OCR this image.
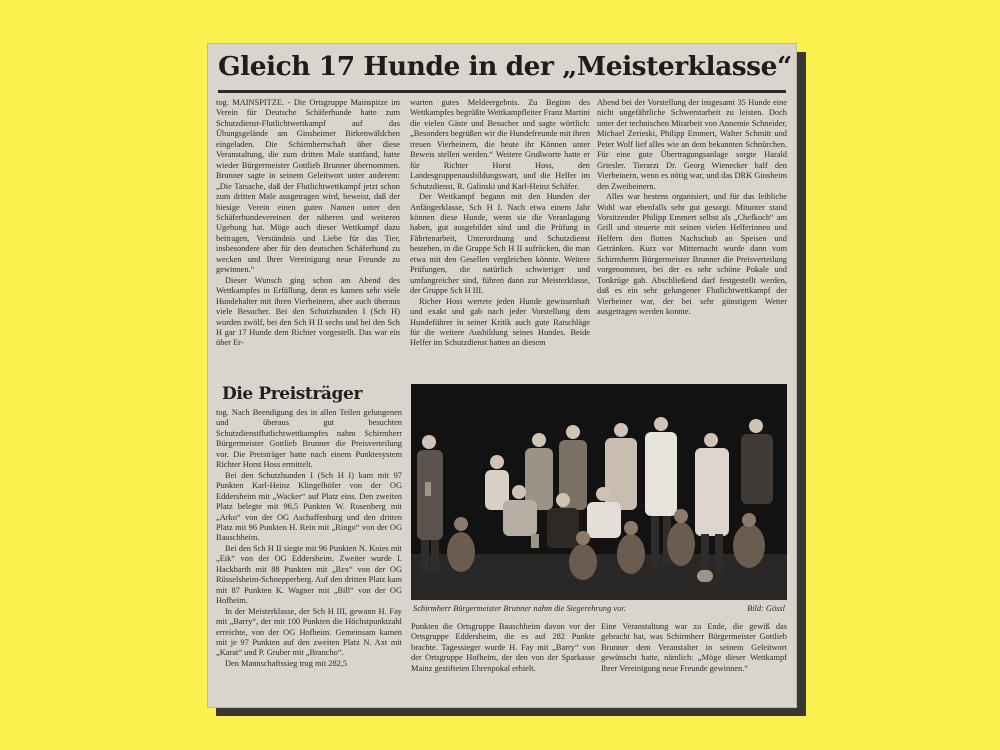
Gleich 17 Hunde in der „Meisterklasse“

tog. MAINSPITZE. - Die Ortsgruppe Mainspitze im Verein für Deutsche Schäferhunde hatte zum Schutzdienst-Flutlichtwettkampf auf das Übungsgelände am Ginsheimer Birkenwäldchen eingeladen. Die Schirmherrschaft über diese Veranstaltung, die zum dritten Male stattfand, hatte wieder Bürgermeister Gottlieb Brunner übernommen. Brunner sagte in seinem Geleitwort unter anderem: „Die Tatsache, daß der Flutlichtwettkampf jetzt schon zum dritten Male ausgetragen wird, beweist, daß der hiesige Verein einen guten Namen unter den Schäferhundevereinen der näheren und weiteren Ugebung hat. Möge auch dieser Wettkampf dazu beitragen, Verständnis und Liebe für das Tier, insbesondere aber für den deutschen Schäferhund zu wecken und Ihrer Vereinigung neue Freunde zu gewinnen.“

Dieser Wunsch ging schon am Abend des Wettkampfes in Erfüllung, denn es kamen sehr viele Hundehalter mit ihren Vierbeinern, aber auch überaus viele Besucher. Bei den Schutzhunden I (Sch H) wurden zwölf, bei den Sch H II sechs und bei den Sch H gar 17 Hunde dem Richter vorgestellt. Das war ein über Er-

warten gutes Meldeergebnis. Zu Beginn des Wettkampfes begrüßte Wettkampfleiter Franz Martini die vielen Gäste und Besucher und sagte wörtlich: „Besonders begrüßen wir die Hundefreunde mit ihren treuen Vierbeinern, die heute ihr Können unter Beweis stellen werden.“ Weitere Grußworte hatte er für Richter Horst Hoss, den Landesgruppenausbildungswart, und die Helfer im Schutzdienst, R. Galinski und Karl-Heinz Schäfer.

Der Wettkampf begann mit den Hunden der Anfängerklasse, Sch H I. Nach etwa einem Jahr können diese Hunde, wenn sie die Veranlagung haben, gut ausgebildet sind und die Prüfung in Fährtenarbeit, Unterordnung und Schutzdienst bestehen, in die Gruppe Sch H II aufrücken, die man etwa mit den Gesellen vergleichen könnte. Weitere Prüfungen, die natürlich schwieriger und umfangreicher sind, führen dann zur Meisterklasse, der Gruppe Sch H III.

Richer Hoss wertete jeden Hunde gewissenhaft und exakt und gab nach jeder Vorstellung dem Hundeführer in seiner Kritik auch gute Ratschläge für die weitere Ausbildung seines Hundes. Beide Helfer im Schutzdienst hatten an diesem

Abend bei der Vorstellung der insgesamt 35 Hunde eine nicht ungefährliche Schwerstarbeit zu leisten. Doch unter der technischen Mitarbeit von Annemie Schneider, Michael Zerieski, Philipp Emmert, Walter Schmitt und Peter Wolf lief alles wie an dem bekannten Schnürchen. Für eine gute Übertragungsanlage sorgte Harald Griesler. Tierarzt Dr. Georg Wienecker half den Vierbeinern, wenn es nötig war, und das DRK Ginsheim den Zweibeinern.

Alles war bestens organisiert, und für das leibliche Wohl war ebenfalls sehr gut gesorgt. Mitunter stand Vorsitzender Philipp Emmert selbst als „Chefkoch“ am Grill und steuerte mit seinen vielen Helferinnen und Helfern den flotten Nachschub an Speisen und Getränken. Kurz vor Mitternacht wurde dann vom Schirmherrn Bürgermeister Brunner die Preisverteilung vorgenommen, bei der es sehr schöne Pokale und Tonkrüge gab. Abschließend darf festgestellt werden, daß es ein sehr gelungener Flutlichtwettkampf der Vierbeiner war, der bei sehr günstigem Wetter ausgetragen werden konnte.

Die Preisträger

tog. Nach Beendigung des in allen Teilen gelungenen und überaus gut besuchten Schutzdienstflutlichtwettkampfes nahm Schirmherr Bürgermeister Gottlieb Brunner die Preisverteilung vor. Die Preisträger hatte nach einem Punktesystem Richter Horst Hoss ermittelt.

Bei den Schutzhunden I (Sch H I) kam mit 97 Punkten Karl-Heinz Klingelhöfer von der OG Eddersheim mit „Wacker“ auf Platz eins. Den zweiten Platz belegte mit 96,5 Punkten W. Rosenberg mit „Arko“ von der OG Aschaffenburg und den dritten Platz mit 96 Punkten H. Rein mit „Ringo“ von der OG Bauschheim.

Bei den Sch H II siegte mit 96 Punkten N. Knies mit „Eik“ von der OG Eddersheim. Zweiter wurde I. Hackbarth mit 88 Punkten mit „Rex“ von der OG Rüsselsheim-Schnepperberg. Auf den dritten Platz kam mit 87 Punkten K. Wagner mit „Bill“ von der OG Hofheim.

In der Meisterklasse, der Sch H III, gewann H. Fay mit „Barry“, der mit 100 Punkten die Höchstpunktzahl erreichte, von der OG Hofheim. Gemeinsam kamen mit je 97 Punkten auf den zweiten Platz N. Axt mit „Karat“ und P. Gruber mit „Brancho“.

Den Mannschaftssieg trug mit 282,5

Schirmherr Bürgermeister Brunner nahm die Siegerehrung vor.	Bild: Gössl

Punkten die Ortsgruppe Bauschheim davon vor der Ortsgruppe Eddersheim, die es auf 282 Punkte brachte. Tagessieger wurde H. Fay mit „Barry“ von der Ortsgruppe Hofheim, der den von der Sparkasse Mainz gestifteten Ehrenpokal erhielt.

Eine Veranstaltung war zu Ende, die gewiß das gebracht hat, was Schirmherr Bürgermeister Gottlieb Brunner dem Veranstalter in seinem Geleitwort gewünscht hatte, nämlich: „Möge dieser Wettkampf Ihrer Vereinigung neue Freunde gewinnen.“
